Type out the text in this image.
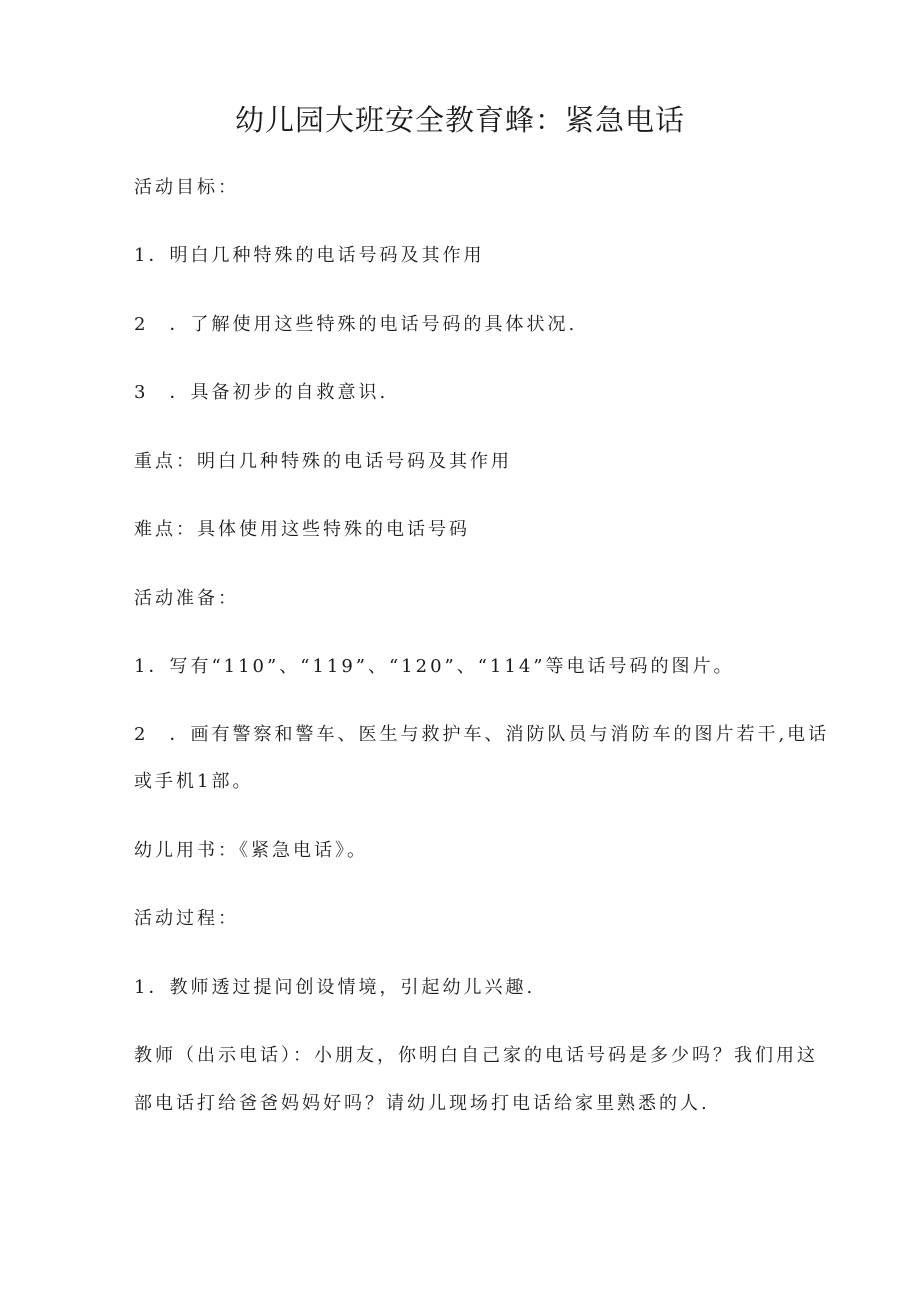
幼儿园大班安全教育蜂：紧急电话

活动目标：

1．明白几种特殊的电话号码及其作用

2　．了解使用这些特殊的电话号码的具体状况.

3　．具备初步的自救意识.

重点：明白几种特殊的电话号码及其作用

难点：具体使用这些特殊的电话号码

活动准备：

1．写有“110”、“119”、“120”、“114”等电话号码的图片。

2　．画有警察和警车、医生与救护车、消防队员与消防车的图片若干,电话

或手机1部。

幼儿用书：《紧急电话》。

活动过程：

1．教师透过提问创设情境，引起幼儿兴趣.

教师（出示电话）：小朋友，你明白自己家的电话号码是多少吗？我们用这

部电话打给爸爸妈妈好吗？请幼儿现场打电话给家里熟悉的人.
